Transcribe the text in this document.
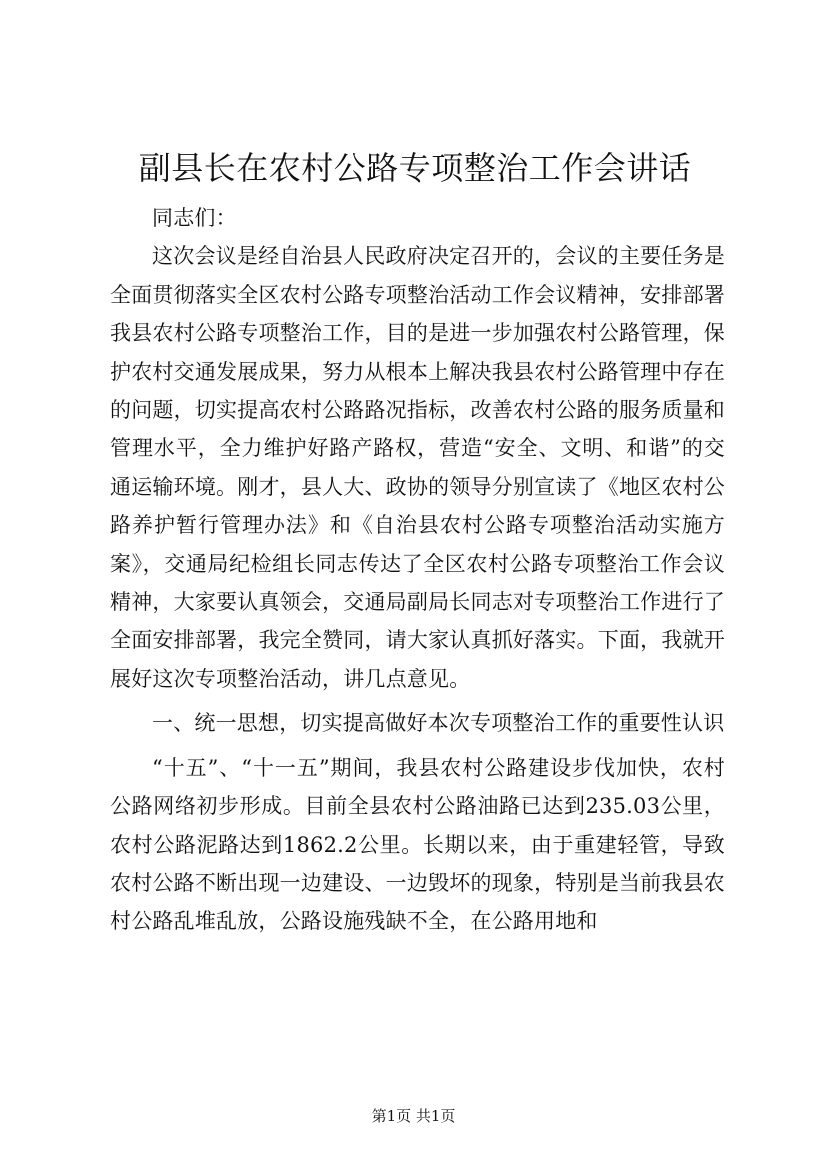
副县长在农村公路专项整治工作会讲话

同志们：

这次会议是经自治县人民政府决定召开的，会议的主要任务是全面贯彻落实全区农村公路专项整治活动工作会议精神，安排部署我县农村公路专项整治工作，目的是进一步加强农村公路管理，保护农村交通发展成果，努力从根本上解决我县农村公路管理中存在的问题，切实提高农村公路路况指标，改善农村公路的服务质量和管理水平，全力维护好路产路权，营造“安全、文明、和谐”的交通运输环境。刚才，县人大、政协的领导分别宣读了《地区农村公路养护暂行管理办法》和《自治县农村公路专项整治活动实施方案》，交通局纪检组长同志传达了全区农村公路专项整治工作会议精神，大家要认真领会，交通局副局长同志对专项整治工作进行了全面安排部署，我完全赞同，请大家认真抓好落实。下面，我就开展好这次专项整治活动，讲几点意见。

一、统一思想，切实提高做好本次专项整治工作的重要性认识

“十五”、“十一五”期间，我县农村公路建设步伐加快，农村公路网络初步形成。目前全县农村公路油路已达到235.03公里，农村公路泥路达到1862.2公里。长期以来，由于重建轻管，导致农村公路不断出现一边建设、一边毁坏的现象，特别是当前我县农村公路乱堆乱放，公路设施残缺不全，在公路用地和

第1页 共1页
